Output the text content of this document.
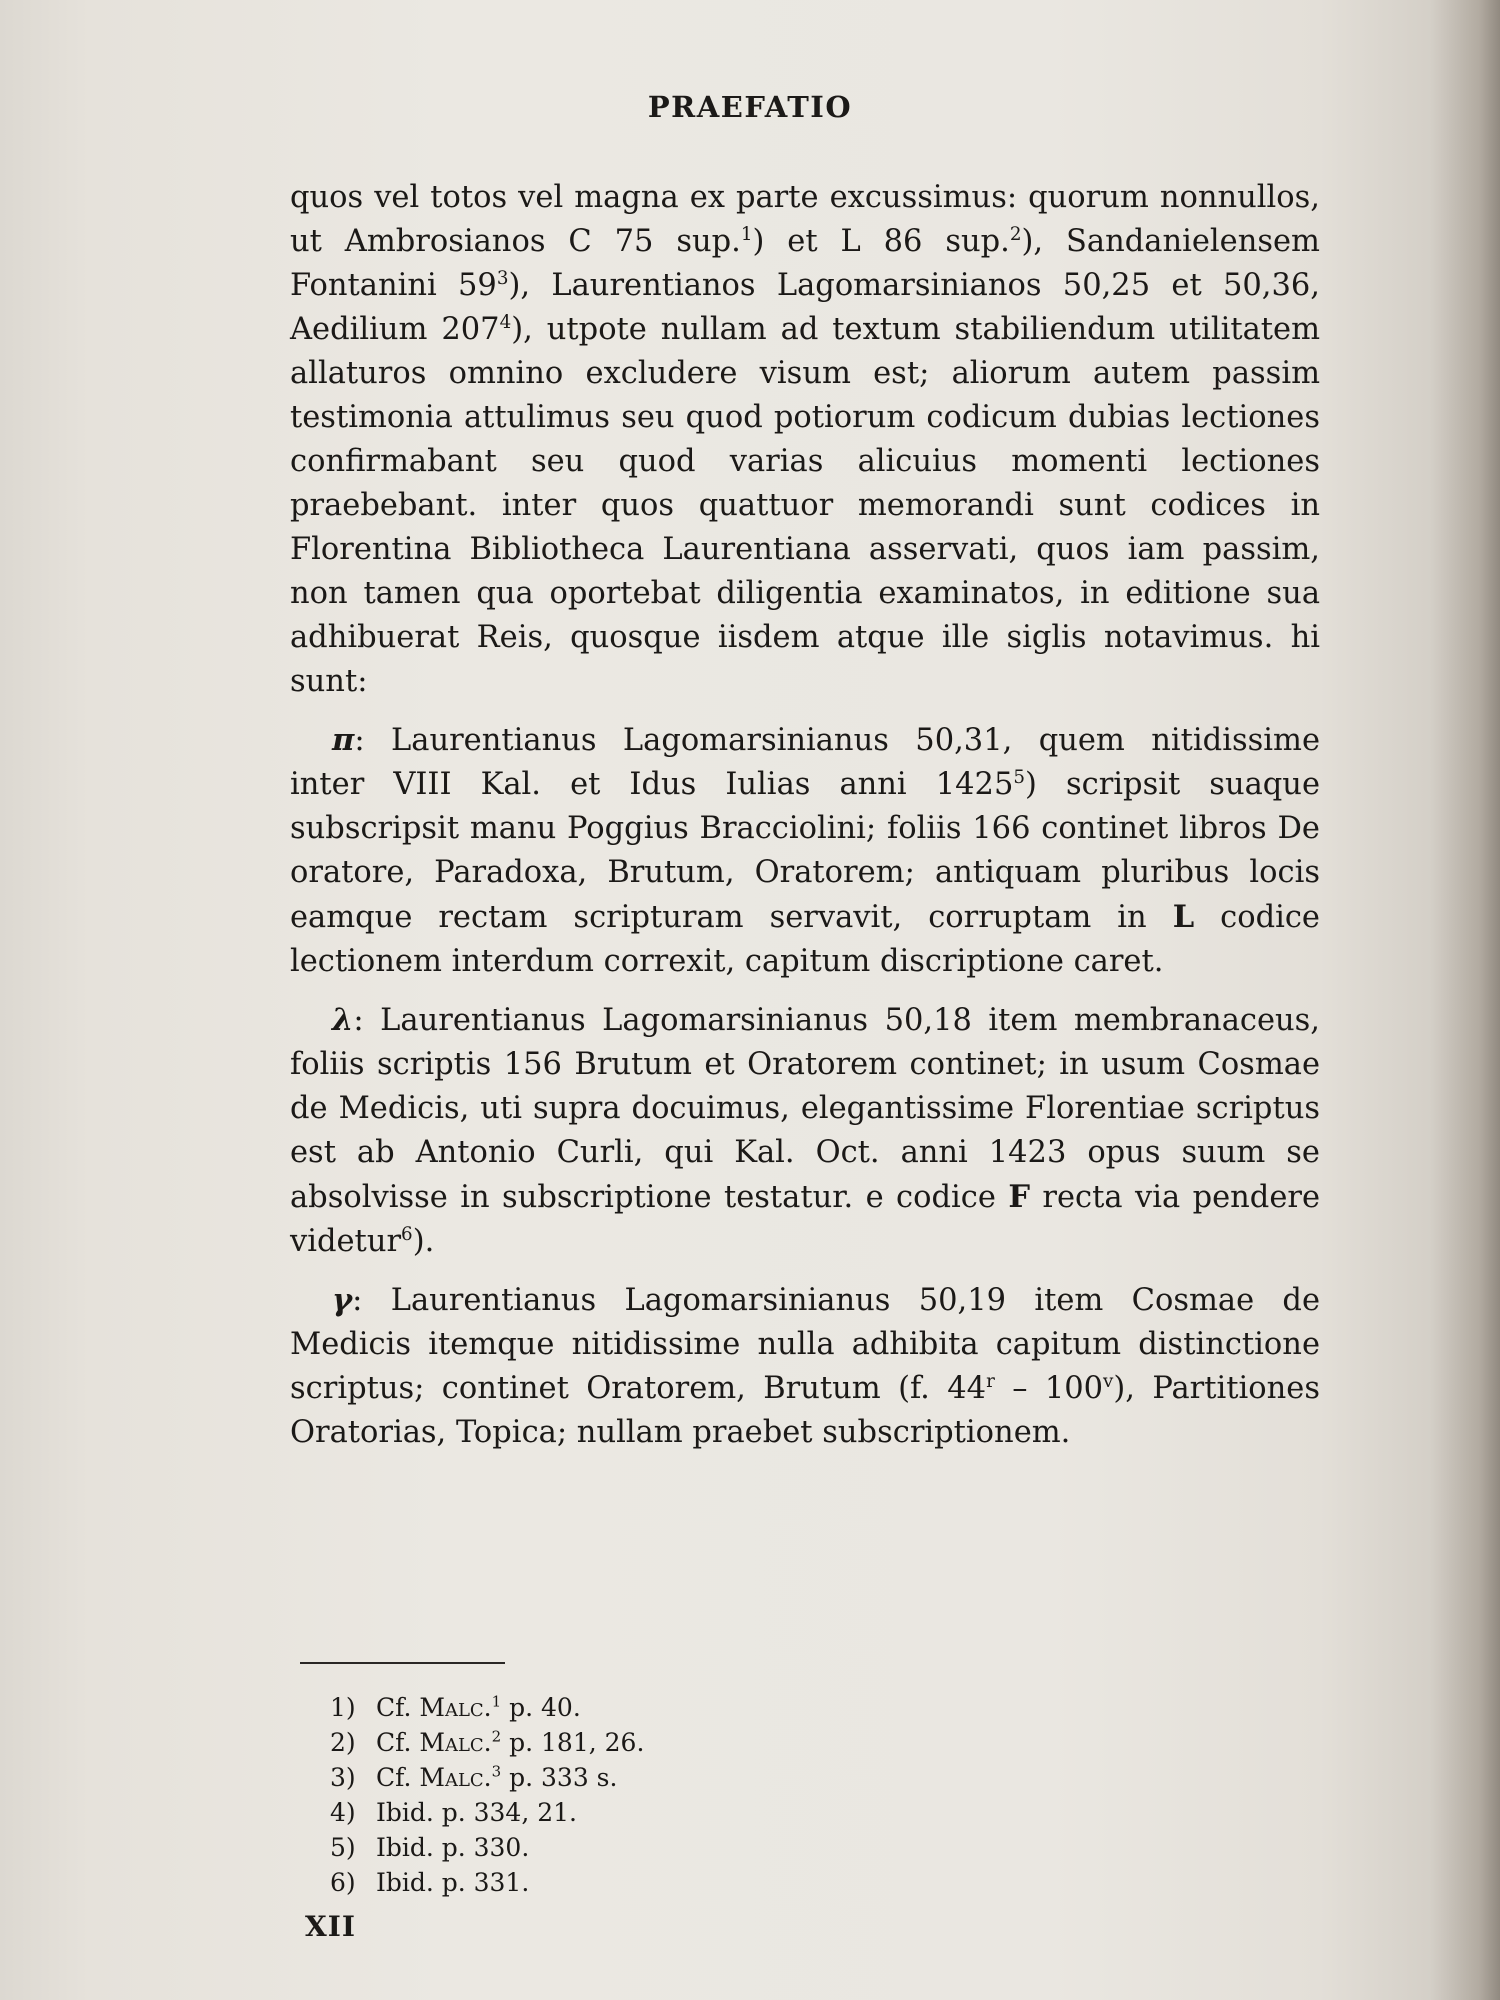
PRAEFATIO

quos vel totos vel magna ex parte excussimus: quorum nonnullos, ut Ambrosianos C 75 sup.$^1$) et L 86 sup.$^2$), Sandanielensem Fontanini $59^3$), Laurentianos Lagomarsinianos 50,25 et 50,36, Aedilium $207^4$), utpote nullam ad textum stabiliendum utilitatem allaturos omnino excludere visum est; aliorum autem passim testimonia attulimus seu quod potiorum codicum dubias lectiones confirmabant seu quod varias alicuius momenti lectiones praebebant. inter quos quattuor memorandi sunt codices in Florentina Bibliotheca Laurentiana asservati, quos iam passim, non tamen qua oportebat diligentia examinatos, in editione sua adhibuerat Reis, quosque iisdem atque ille siglis notavimus. hi sunt:

π: Laurentianus Lagomarsinianus 50,31, quem nitidissime inter VIII Kal. et Idus Iulias anni 1425$^5$) scripsit suaque subscripsit manu Poggius Bracciolini; foliis 166 continet libros De oratore, Paradoxa, Brutum, Oratorem; antiquam pluribus locis eamque rectam scripturam servavit, corruptam in L codice lectionem interdum correxit, capitum discriptione caret.

λ: Laurentianus Lagomarsinianus 50,18 item membranaceus, foliis scriptis 156 Brutum et Oratorem continet; in usum Cosmae de Medicis, uti supra docuimus, elegantissime Florentiae scriptus est ab Antonio Curli, qui Kal. Oct. anni 1423 opus suum se absolvisse in subscriptione testatur. e codice F recta via pendere videtur$^6$).

γ: Laurentianus Lagomarsinianus 50,19 item Cosmae de Medicis itemque nitidissime nulla adhibita capitum distinctione scriptus; continet Oratorem, Brutum (f. 44$^r$ – 100$^v$), Partitiones Oratorias, Topica; nullam praebet subscriptionem.

1) Cf. Malc.$^1$ p. 40.
2) Cf. Malc.$^2$ p. 181, 26.
3) Cf. Malc.$^3$ p. 333 s.
4) Ibid. p. 334, 21.
5) Ibid. p. 330.
6) Ibid. p. 331.

XII
